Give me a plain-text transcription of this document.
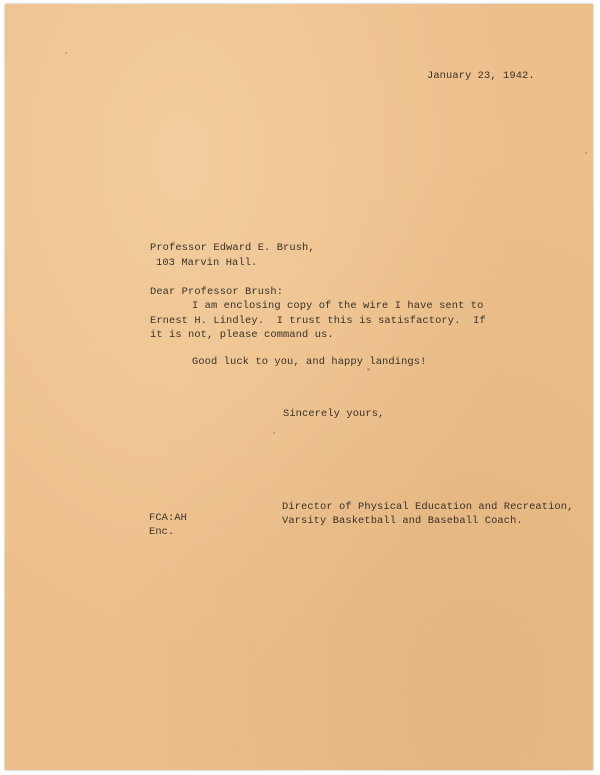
January 23, 1942.
Professor Edward E. Brush,
103 Marvin Hall.
Dear Professor Brush:
I am enclosing copy of the wire I have sent to
Ernest H. Lindley.  I trust this is satisfactory.  If
it is not, please command us.
Good luck to you, and happy landings!
Sincerely yours,
Director of Physical Education and Recreation,
Varsity Basketball and Baseball Coach.
FCA:AH
Enc.
